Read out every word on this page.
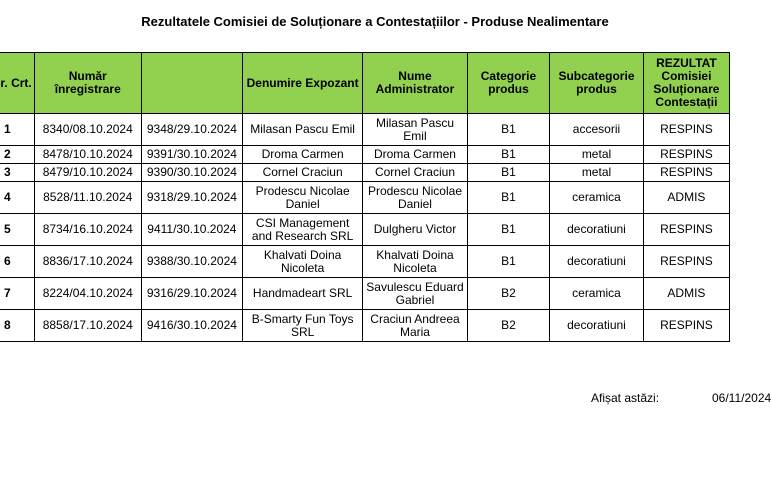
Rezultatele Comisiei de Soluționare a Contestațiilor - Produse Nealimentare
r. Crt.	Număr înregistrare		Denumire Expozant	Nume Administrator	Categorie produs	Subcategorie produs	REZULTAT Comisiei Soluționare Contestații
1	8340/08.10.2024	9348/29.10.2024	Milasan Pascu Emil	Milasan Pascu Emil	B1	accesorii	RESPINS
2	8478/10.10.2024	9391/30.10.2024	Droma Carmen	Droma Carmen	B1	metal	RESPINS
3	8479/10.10.2024	9390/30.10.2024	Cornel Craciun	Cornel Craciun	B1	metal	RESPINS
4	8528/11.10.2024	9318/29.10.2024	Prodescu Nicolae Daniel	Prodescu Nicolae Daniel	B1	ceramica	ADMIS
5	8734/16.10.2024	9411/30.10.2024	CSI Management and Research SRL	Dulgheru Victor	B1	decoratiuni	RESPINS
6	8836/17.10.2024	9388/30.10.2024	Khalvati Doina Nicoleta	Khalvati Doina Nicoleta	B1	decoratiuni	RESPINS
7	8224/04.10.2024	9316/29.10.2024	Handmadeart SRL	Savulescu Eduard Gabriel	B2	ceramica	ADMIS
8	8858/17.10.2024	9416/30.10.2024	B-Smarty Fun Toys SRL	Craciun Andreea Maria	B2	decoratiuni	RESPINS
Afișat astăzi:	06/11/2024
